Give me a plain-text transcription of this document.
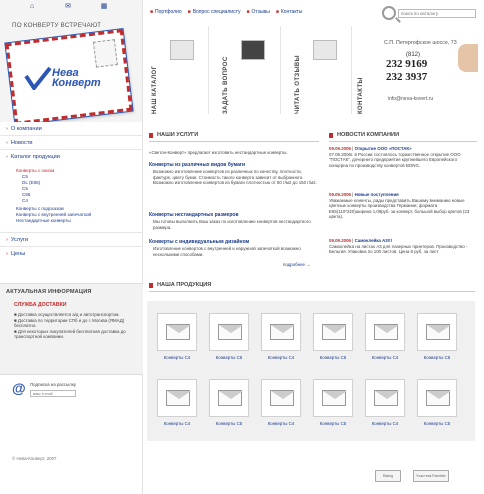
⌂	✉	▦
ПО КОНВЕРТУ ВСТРЕЧАЮТ
Нева
Конверт
■ Портфолио ■ Вопрос специалисту ■ Отзывы ■ Контакты
поиск по каталогу
НАШ КАТАЛОГ	ЗАДАТЬ ВОПРОС	ЧИТАТЬ ОТЗЫВЫ	КОНТАКТЫ
С.П. Петергофское шоссе, 73
(812)
232 9169
232 3937
info@neva-kovert.ru
› О компании
› Новости
› Каталог продукции
Конверты с окном
С5
DL (Е65)
С5
С65
С4
Конверты с подсказом
Конверты с внутренней запечаткой
Нестандартные конверты
› Услуги
› Цены
АКТУАЛЬНАЯ ИНФОРМАЦИЯ
СЛУЖБА ДОСТАВКИ
■ Доставка осуществляется a/д и автотранспортом.
■ Доставка по территории СПб и до г. Москва (ЯМАД) бесплатно.
■ Для некоторых покупателей бесплатная доставка до транспортной компании.
@ Подписка на рассылку
ваш e-mail
© Нева-Конверт, 2007
НАШИ УСЛУГИ
«Светон-Конверт» предлагает изготовить нестандартные конверты.
Конверты из различных видов бумаги
Возможно изготовление конвертов из различных по качеству, плотности, фактуре, цвету бумаг. Стоимость такого конверта зависит от выбранного. Возможно изготовление конвертов из бумаги плотностью от 60 г/м2 до 150 г/м2.
Конверты нестандартных размеров
Мы готовы выполнить Ваш заказ по изготовлению конвертов нестандартного размера.
Конверты с индивидуальным дизайном
Изготовление конвертов с внутренней и наружной запечаткой возможно несколькими способами.
подробнее →
НОВОСТИ КОМПАНИИ
09.09.2006 | Открытие ООО «ПОСТАК»
07.09.2006г. в России состоялось торжественное открытие ООО "ПОСТАК", дочернего предприятия крупнейшего Европейского концерна по производству конвертов BONG.
09.09.2006 | Новые поступления
Уважаемые клиенты, рады представить Вашему вниманию новые цветные конверты производства Германии, формата Е65(110*220)ширина 1,09руб. за конверт, большой выбор цветов (23 цвета).
09.09.2006 | Самоклейка А3!!!
Самоклейка на листах А3 для лазерных принтеров. Производство - Бельгия. Упаковка по 100 листов. Цена 8 руб. за лист
НАША ПРОДУКЦИЯ
Конверты С4	Конверты С5	Конверты С4	Конверты С5	Конверты С4	Конверты С5
Конверты С4	Конверты С5	Конверты С4	Конверты С5	Конверты С4	Конверты С5
Rating	Участник Rambler
